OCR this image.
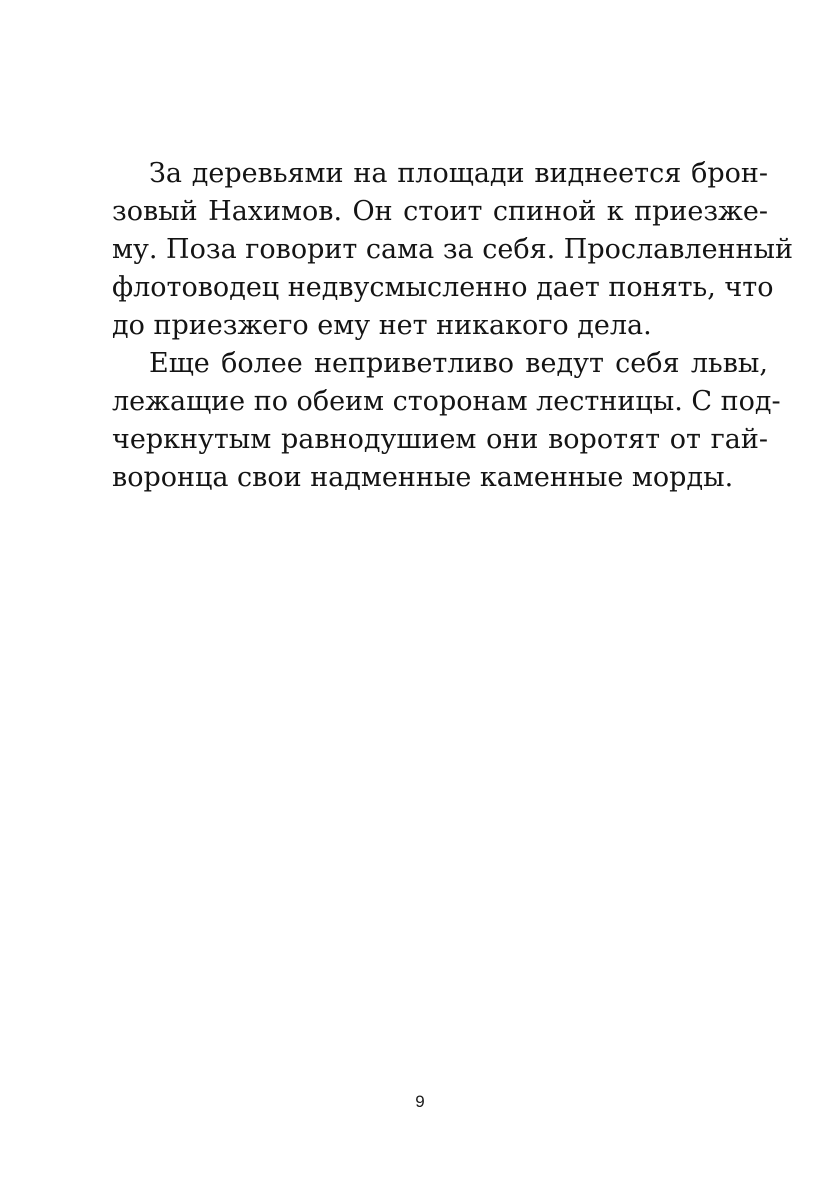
За деревьями на площади виднеется брон-
зовый Нахимов. Он стоит спиной к приезже-
му. Поза говорит сама за себя. Прославленный
флотоводец недвусмысленно дает понять, что
до приезжего ему нет никакого дела.
Еще более неприветливо ведут себя львы,
лежащие по обеим сторонам лестницы. С под-
черкнутым равнодушием они воротят от гай-
воронца свои надменные каменные морды.
9
